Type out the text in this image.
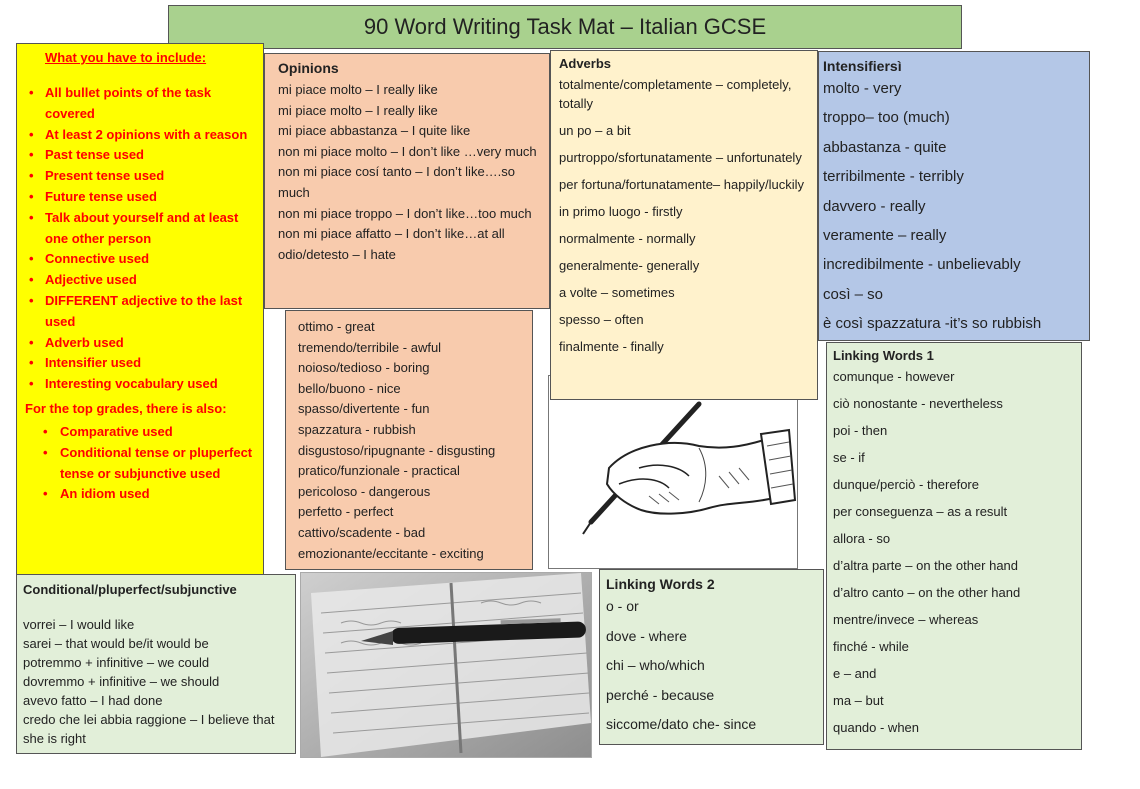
90 Word Writing Task Mat – Italian GCSE
What you have to include:
• All bullet points of the task covered
• At least 2 opinions with a reason
• Past tense used
• Present tense used
• Future tense used
• Talk about yourself and at least one other person
• Connective used
• Adjective used
• DIFFERENT adjective to the last used
• Adverb used
• Intensifier used
• Interesting vocabulary used
For the top grades, there is also:
• Comparative used
• Conditional tense or pluperfect tense or subjunctive used
• An idiom used
Opinions
mi piace molto – I really like
mi piace molto – I really like
mi piace abbastanza – I quite like
non mi piace molto – I don’t like …very much
non mi piace cosí tanto – I don’t like….so much
non mi piace troppo – I don’t like…too much
non mi piace affatto – I don’t like…at all
odio/detesto – I hate
ottimo - great
tremendo/terribile - awful
noioso/tedioso - boring
bello/buono - nice
spasso/divertente - fun
spazzatura - rubbish
disgustoso/ripugnante - disgusting
pratico/funzionale - practical
pericoloso - dangerous
perfetto - perfect
cattivo/scadente - bad
emozionante/eccitante - exciting
Adverbs
totalmente/completamente – completely, totally
un po – a bit
purtroppo/sfortunatamente – unfortunately
per fortuna/fortunatamente– happily/luckily
in primo luogo - firstly
normalmente - normally
generalmente- generally
a volte – sometimes
spesso – often
finalmente - finally
Intensifiersì
molto - very
troppo– too (much)
abbastanza - quite
terribilmente - terribly
davvero - really
veramente – really
incredibilmente - unbelievably
così – so
è così spazzatura -it’s so rubbish
Linking Words 1
comunque - however
ciò nonostante - nevertheless
poi - then
se - if
dunque/perciò - therefore
per conseguenza – as a result
allora - so
d’altra parte – on the other hand
d’altro canto – on the other hand
mentre/invece – whereas
finché - while
e – and
ma – but
quando - when
Conditional/pluperfect/subjunctive
vorrei – I would like
sarei – that would be/it would be
potremmo + infinitive – we could
dovremmo + infinitive – we should
avevo fatto – I had done
credo che lei abbia raggione – I believe that she is right
Linking Words 2
o - or
dove - where
chi – who/which
perché - because
siccome/dato che- since
